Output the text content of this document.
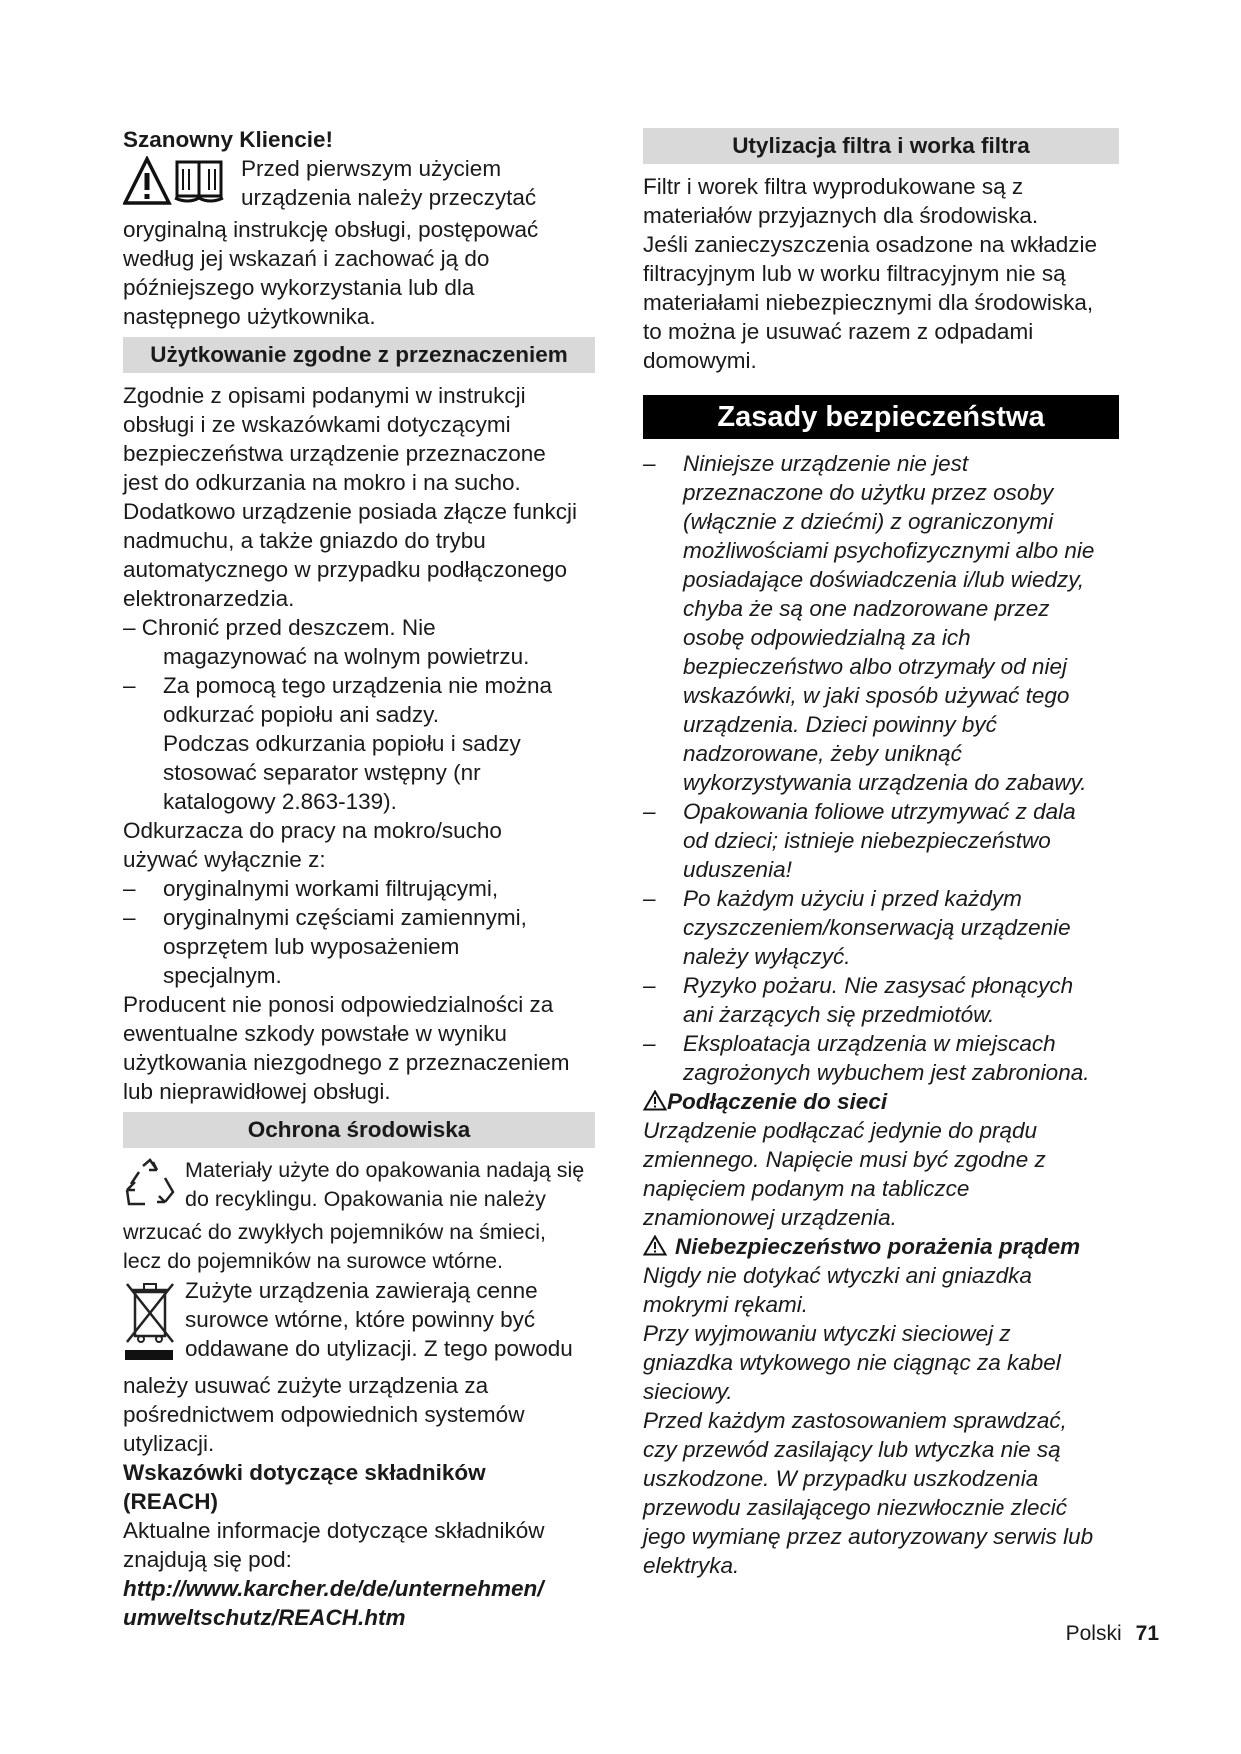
Szanowny Kliencie!

Przed pierwszym użyciem

urządzenia należy przeczytać

oryginalną instrukcję obsługi, postępować

według jej wskazań i zachować ją do

późniejszego wykorzystania lub dla

następnego użytkownika.

Użytkowanie zgodne z przeznaczeniem

Zgodnie z opisami podanymi w instrukcji

obsługi i ze wskazówkami dotyczącymi

bezpieczeństwa urządzenie przeznaczone

jest do odkurzania na mokro i na sucho.

Dodatkowo urządzenie posiada złącze funkcji

nadmuchu, a także gniazdo do trybu

automatycznego w przypadku podłączonego

elektronarzedzia.

– Chronić przed deszczem. Nie

magazynować na wolnym powietrzu.

– Za pomocą tego urządzenia nie można

odkurzać popiołu ani sadzy.

Podczas odkurzania popiołu i sadzy

stosować separator wstępny (nr

katalogowy 2.863-139).

Odkurzacza do pracy na mokro/sucho

używać wyłącznie z:

– oryginalnymi workami filtrującymi,

– oryginalnymi częściami zamiennymi,

osprzętem lub wyposażeniem

specjalnym.

Producent nie ponosi odpowiedzialności za

ewentualne szkody powstałe w wyniku

użytkowania niezgodnego z przeznaczeniem

lub nieprawidłowej obsługi.

Ochrona środowiska

Materiały użyte do opakowania nadają się

do recyklingu. Opakowania nie należy

wrzucać do zwykłych pojemników na śmieci,

lecz do pojemników na surowce wtórne.

Zużyte urządzenia zawierają cenne

surowce wtórne, które powinny być

oddawane do utylizacji. Z tego powodu

należy usuwać zużyte urządzenia za

pośrednictwem odpowiednich systemów

utylizacji.

Wskazówki dotyczące składników

(REACH)

Aktualne informacje dotyczące składników

znajdują się pod:

http://www.karcher.de/de/unternehmen/

umweltschutz/REACH.htm

Utylizacja filtra i worka filtra

Filtr i worek filtra wyprodukowane są z

materiałów przyjaznych dla środowiska.

Jeśli zanieczyszczenia osadzone na wkładzie

filtracyjnym lub w worku filtracyjnym nie są

materiałami niebezpiecznymi dla środowiska,

to można je usuwać razem z odpadami

domowymi.

Zasady bezpieczeństwa

– Niniejsze urządzenie nie jest

przeznaczone do użytku przez osoby

(włącznie z dziećmi) z ograniczonymi

możliwościami psychofizycznymi albo nie

posiadające doświadczenia i/lub wiedzy,

chyba że są one nadzorowane przez

osobę odpowiedzialną za ich

bezpieczeństwo albo otrzymały od niej

wskazówki, w jaki sposób używać tego

urządzenia. Dzieci powinny być

nadzorowane, żeby uniknąć

wykorzystywania urządzenia do zabawy.

– Opakowania foliowe utrzymywać z dala

od dzieci; istnieje niebezpieczeństwo

uduszenia!

– Po każdym użyciu i przed każdym

czyszczeniem/konserwacją urządzenie

należy wyłączyć.

– Ryzyko pożaru. Nie zasysać płonących

ani żarzących się przedmiotów.

– Eksploatacja urządzenia w miejscach

zagrożonych wybuchem jest zabroniona.

Podłączenie do sieci

Urządzenie podłączać jedynie do prądu

zmiennego. Napięcie musi być zgodne z

napięciem podanym na tabliczce

znamionowej urządzenia.

Niebezpieczeństwo porażenia prądem

Nigdy nie dotykać wtyczki ani gniazdka

mokrymi rękami.

Przy wyjmowaniu wtyczki sieciowej z

gniazdka wtykowego nie ciągnąc za kabel

sieciowy.

Przed każdym zastosowaniem sprawdzać,

czy przewód zasilający lub wtyczka nie są

uszkodzone. W przypadku uszkodzenia

przewodu zasilającego niezwłocznie zlecić

jego wymianę przez autoryzowany serwis lub

elektryka.

Polski 71
